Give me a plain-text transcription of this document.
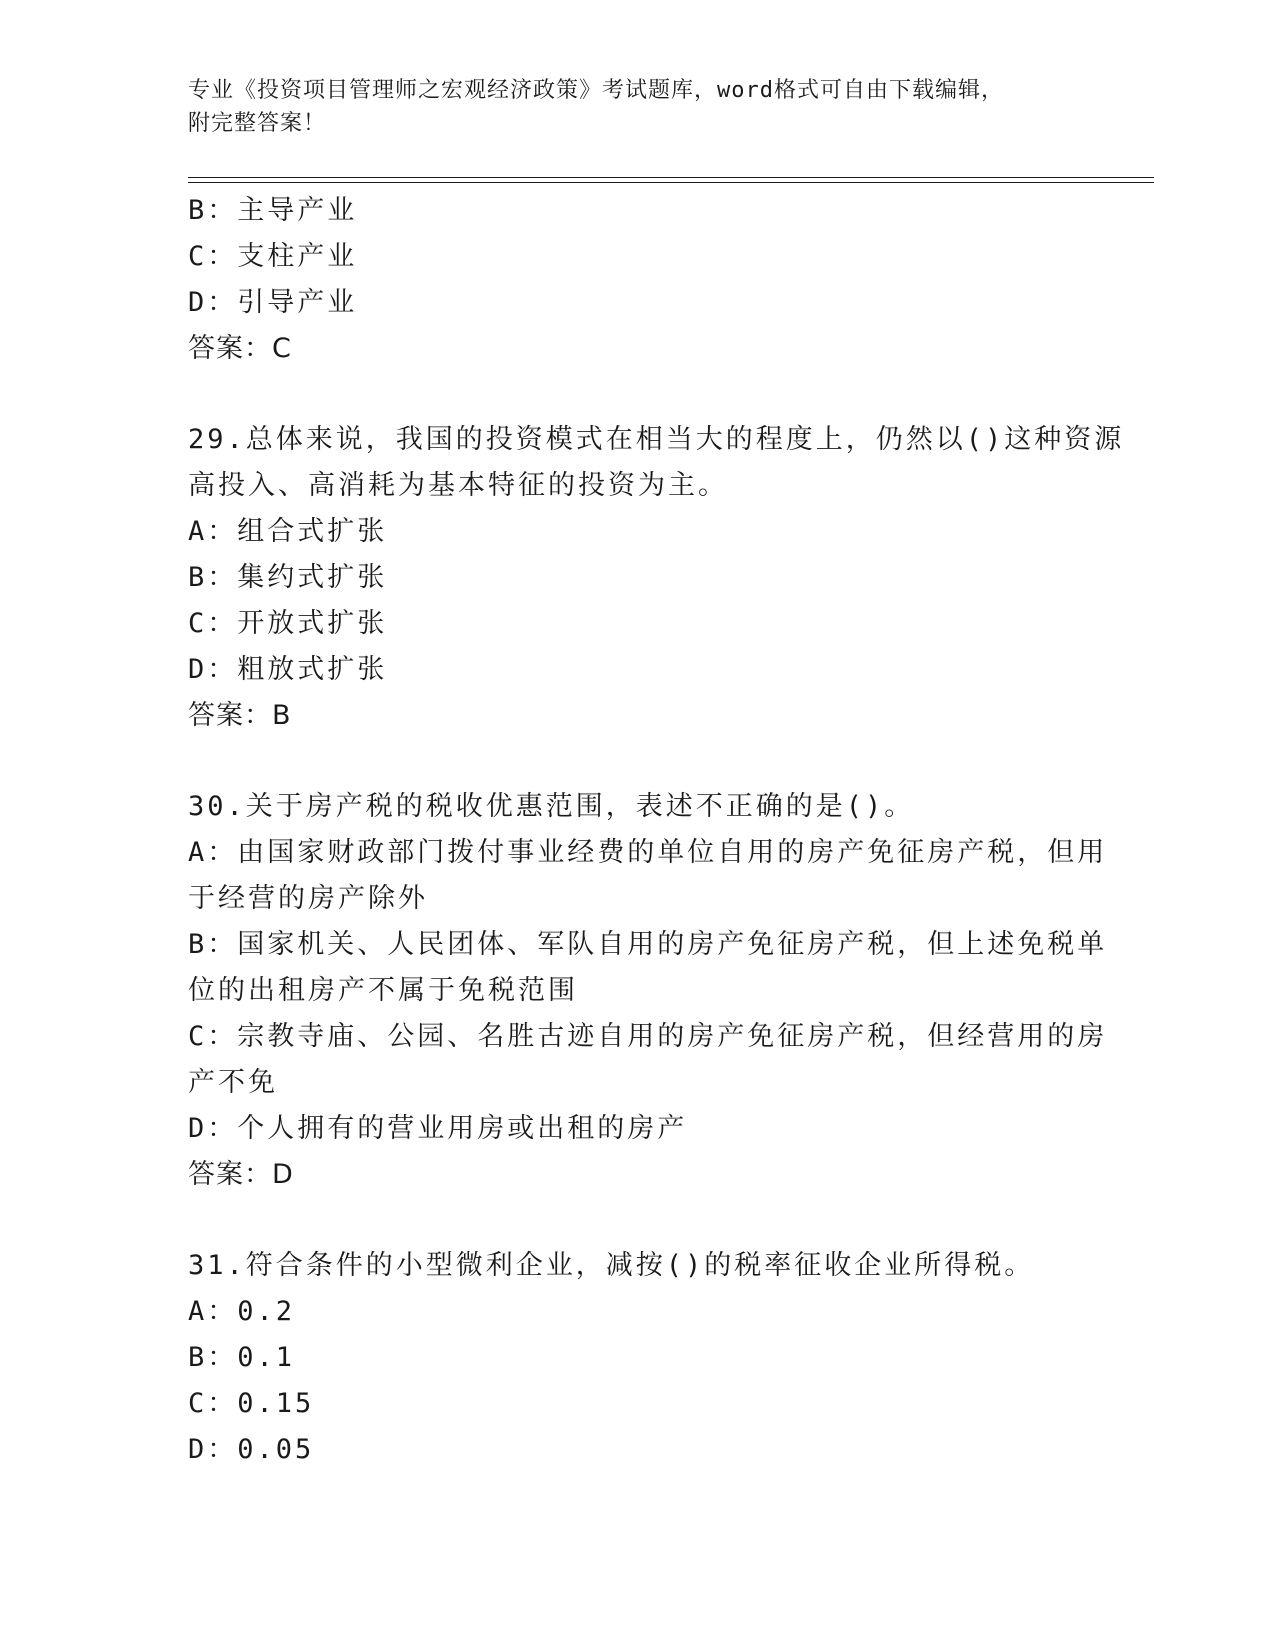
专业《投资项目管理师之宏观经济政策》考试题库，word格式可自由下载编辑，
附完整答案！
B：主导产业
C：支柱产业
D：引导产业
答案：C
29.总体来说，我国的投资模式在相当大的程度上，仍然以()这种资源
高投入、高消耗为基本特征的投资为主。
A：组合式扩张
B：集约式扩张
C：开放式扩张
D：粗放式扩张
答案：B
30.关于房产税的税收优惠范围，表述不正确的是()。
A：由国家财政部门拨付事业经费的单位自用的房产免征房产税，但用
于经营的房产除外
B：国家机关、人民团体、军队自用的房产免征房产税，但上述免税单
位的出租房产不属于免税范围
C：宗教寺庙、公园、名胜古迹自用的房产免征房产税，但经营用的房
产不免
D：个人拥有的营业用房或出租的房产
答案：D
31.符合条件的小型微利企业，减按()的税率征收企业所得税。
A：0.2
B：0.1
C：0.15
D：0.05
